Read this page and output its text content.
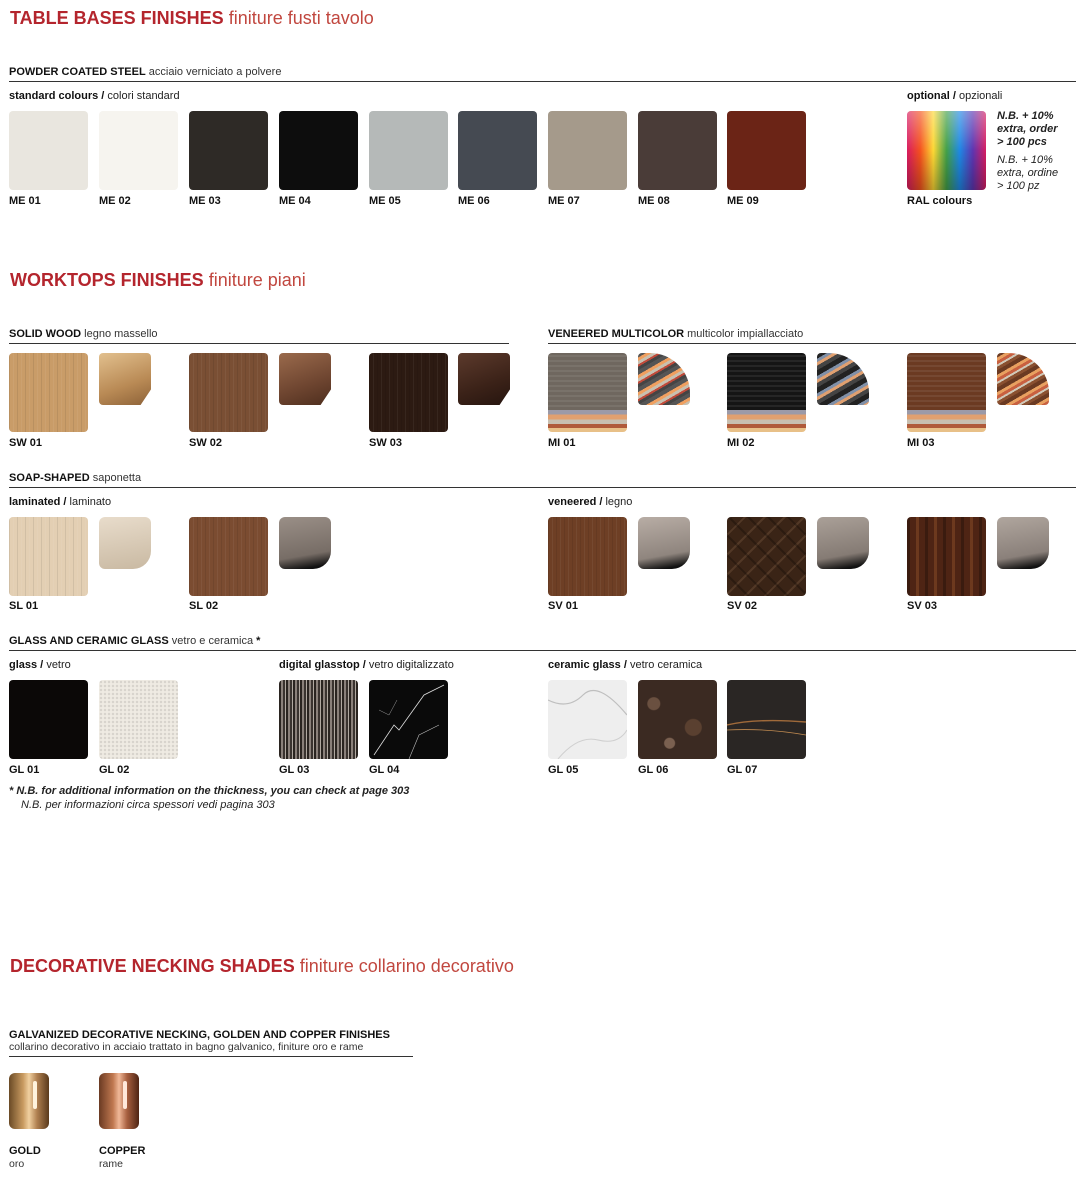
TABLE BASES FINISHES finiture fusti tavolo
POWDER COATED STEEL acciaio verniciato a polvere
standard colours / colori standard	optional / opzionali
ME 01	ME 02	ME 03	ME 04	ME 05	ME 06	ME 07	ME 08	ME 09	RAL colours
N.B. + 10%
extra, order
> 100 pcs
N.B. + 10%
extra, ordine
> 100 pz
WORKTOPS FINISHES finiture piani
SOLID WOOD legno massello	VENEERED MULTICOLOR multicolor impiallacciato
SW 01	SW 02	SW 03	MI 01	MI 02	MI 03
SOAP-SHAPED saponetta
laminated / laminato	veneered / legno
SL 01	SL 02	SV 01	SV 02	SV 03
GLASS AND CERAMIC GLASS vetro e ceramica *
glass / vetro	digital glasstop / vetro digitalizzato	ceramic glass / vetro ceramica
GL 01	GL 02	GL 03	GL 04	GL 05	GL 06	GL 07
* N.B. for additional information on the thickness, you can check at page 303
N.B. per informazioni circa spessori vedi pagina 303
DECORATIVE NECKING SHADES finiture collarino decorativo
GALVANIZED DECORATIVE NECKING, GOLDEN AND COPPER FINISHES
collarino decorativo in acciaio trattato in bagno galvanico, finiture oro e rame
GOLD
oro
COPPER
rame
